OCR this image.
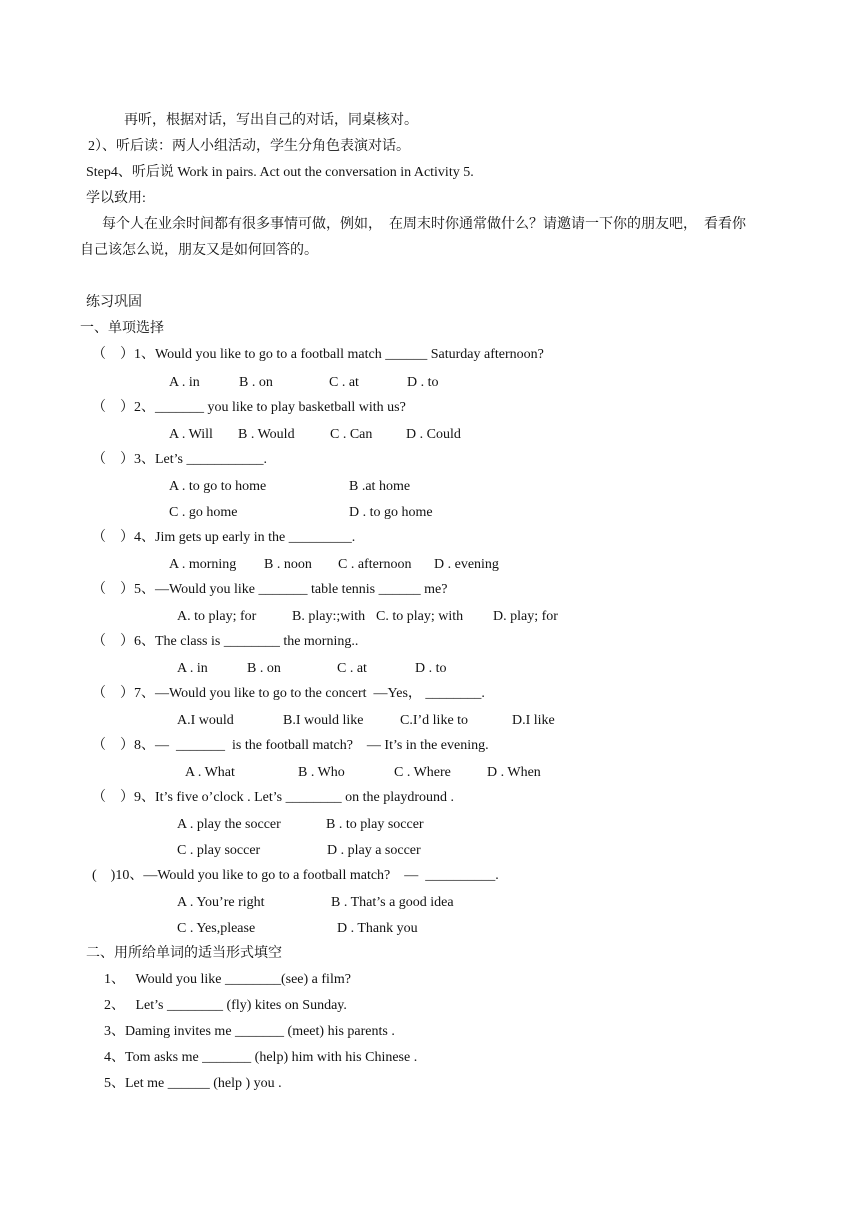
再听，根据对话，写出自己的对话，同桌核对。
2）、听后读：两人小组活动，学生分角色表演对话。
Step4、听后说 Work in pairs. Act out the conversation in Activity 5.
学以致用:
每个人在业余时间都有很多事情可做，例如，  在周末时你通常做什么？请邀请一下你的朋友吧，  看看你
自己该怎么说，朋友又是如何回答的。
练习巩固
一、单项选择
（    ）1、Would you like to go to a football match ______ Saturday afternoon?
A . in	B . on	C . at	D . to
（    ）2、_______ you like to play basketball with us?
A . Will B . Would	C . Can D . Could
（    ）3、Let’s ___________.
A . to go to home	B .at home
C . go home	D . to go home
（    ）4、Jim gets up early in the _________.
A . morning B . noon C . afternoon D . evening
（    ）5、—Would you like _______ table tennis ______ me?
A. to play; for	B. play:;with C. to play; with D. play; for
（    ）6、The class is ________ the morning..
A . in	B . on	C . at	D . to
（    ）7、—Would you like to go to the concert  —Yes， ________.
A.I would	B.I would like	C.I’d like to	D.I like
（    ）8、—  _______  is the football match?    — It’s in the evening.
A . What	B . Who	C . Where	D . When
（    ）9、It’s five o’clock . Let’s ________ on the playdround .
A . play the soccer	B . to play soccer
C . play soccer	D . play a soccer
(    )10、—Would you like to go to a football match?    —  __________.
A . You’re right	B . That’s a good idea
C . Yes,please	D . Thank you
二、用所给单词的适当形式填空
1、   Would you like ________(see) a film?
2、   Let’s ________ (fly) kites on Sunday.
3、Daming invites me _______ (meet) his parents .
4、Tom asks me _______ (help) him with his Chinese .
5、Let me ______ (help ) you .
